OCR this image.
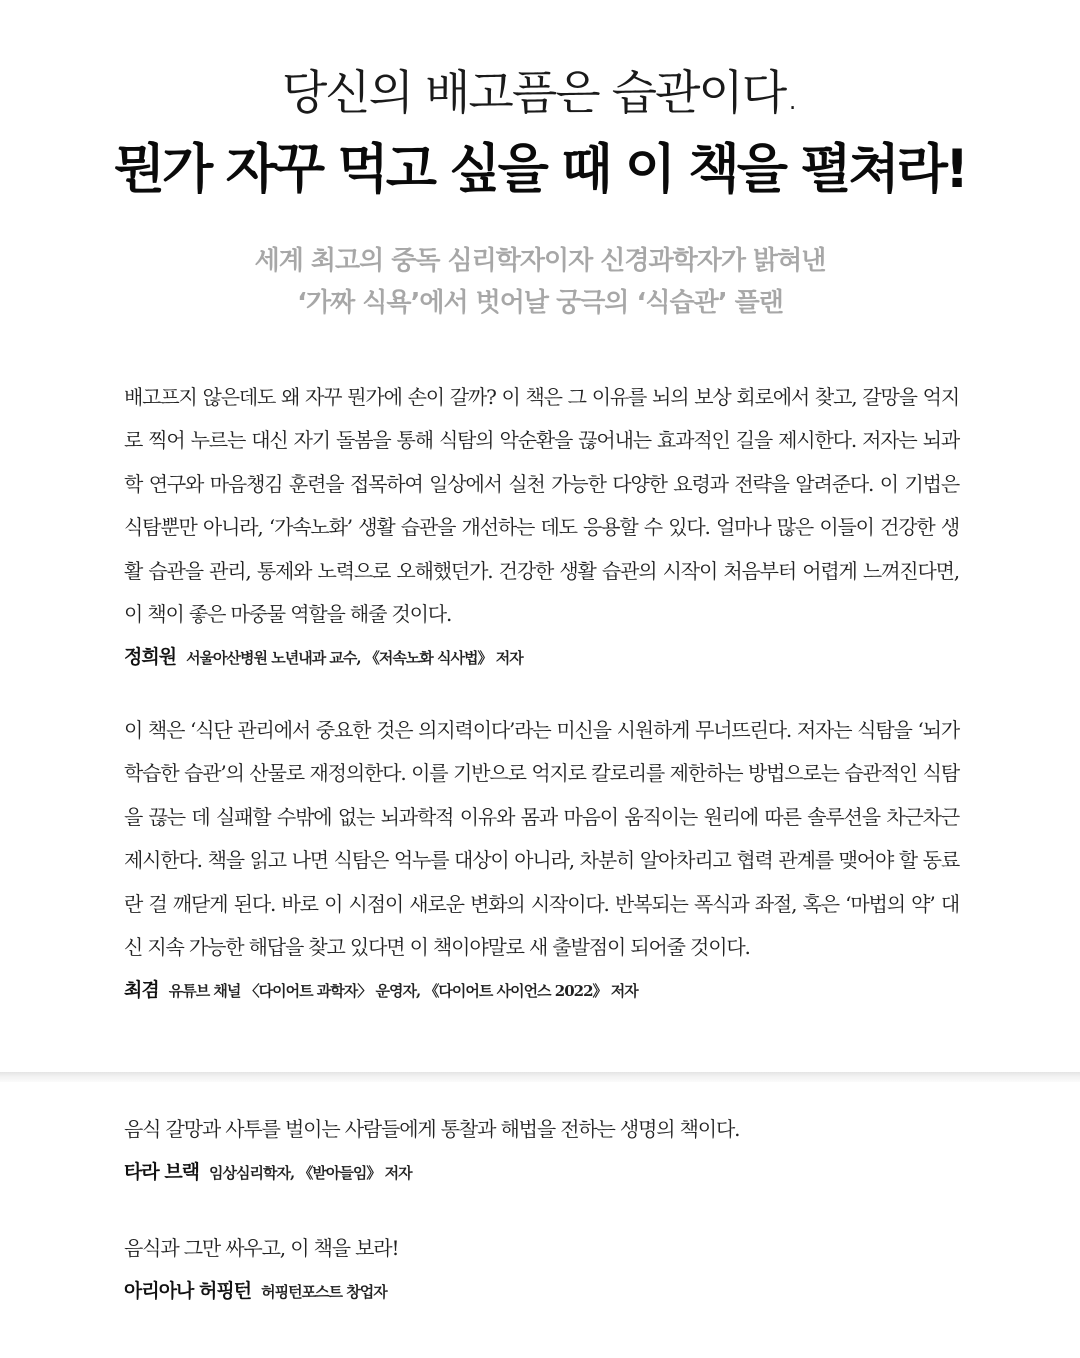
당신의 배고픔은 습관이다.
뭔가 자꾸 먹고 싶을 때 이 책을 펼쳐라!
세계 최고의 중독 심리학자이자 신경과학자가 밝혀낸
‘가짜 식욕’에서 벗어날 궁극의 ‘식습관’ 플랜

배고프지 않은데도 왜 자꾸 뭔가에 손이 갈까? 이 책은 그 이유를 뇌의 보상 회로에서 찾고, 갈망을 억지로 찍어 누르는 대신 자기 돌봄을 통해 식탐의 악순환을 끊어내는 효과적인 길을 제시한다. 저자는 뇌과학 연구와 마음챙김 훈련을 접목하여 일상에서 실천 가능한 다양한 요령과 전략을 알려준다. 이 기법은 식탐뿐만 아니라, ‘가속노화’ 생활 습관을 개선하는 데도 응용할 수 있다. 얼마나 많은 이들이 건강한 생활 습관을 관리, 통제와 노력으로 오해했던가. 건강한 생활 습관의 시작이 처음부터 어렵게 느껴진다면, 이 책이 좋은 마중물 역할을 해줄 것이다.

정희원 서울아산병원 노년내과 교수, 《저속노화 식사법》 저자

이 책은 ‘식단 관리에서 중요한 것은 의지력이다’라는 미신을 시원하게 무너뜨린다. 저자는 식탐을 ‘뇌가 학습한 습관’의 산물로 재정의한다. 이를 기반으로 억지로 칼로리를 제한하는 방법으로는 습관적인 식탐을 끊는 데 실패할 수밖에 없는 뇌과학적 이유와 몸과 마음이 움직이는 원리에 따른 솔루션을 차근차근 제시한다. 책을 읽고 나면 식탐은 억누를 대상이 아니라, 차분히 알아차리고 협력 관계를 맺어야 할 동료란 걸 깨닫게 된다. 바로 이 시점이 새로운 변화의 시작이다. 반복되는 폭식과 좌절, 혹은 ‘마법의 약’ 대신 지속 가능한 해답을 찾고 있다면 이 책이야말로 새 출발점이 되어줄 것이다.

최겸 유튜브 채널 〈다이어트 과학자〉 운영자, 《다이어트 사이언스 2022》 저자

음식 갈망과 사투를 벌이는 사람들에게 통찰과 해법을 전하는 생명의 책이다.

타라 브랙 임상심리학자, 《받아들임》 저자

음식과 그만 싸우고, 이 책을 보라!

아리아나 허핑턴 허핑턴포스트 창업자
